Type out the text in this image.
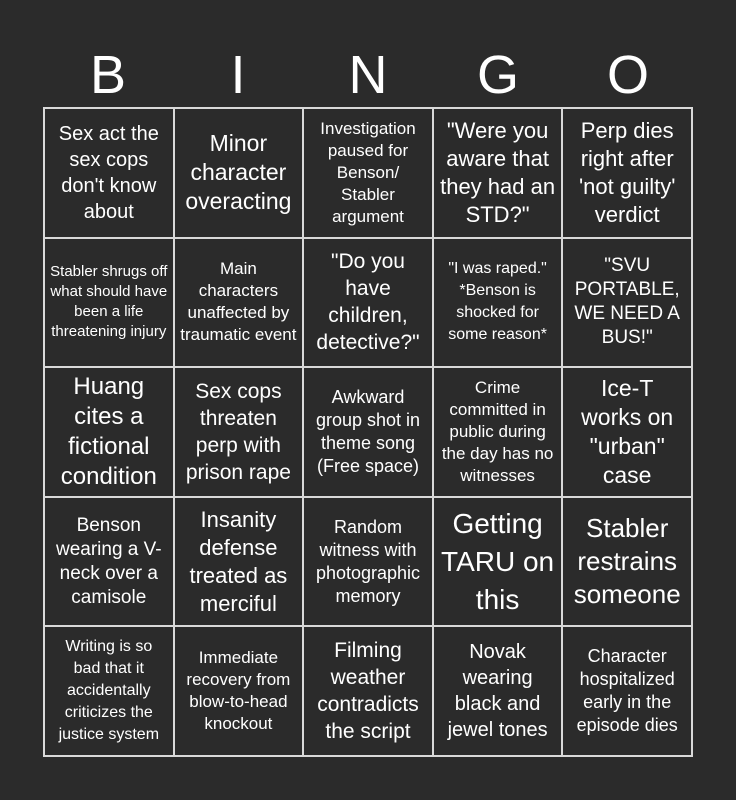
B	I	N	G	O
Sex act the sex cops don't know about
Minor character overacting
Investigation paused for Benson/ Stabler argument
"Were you aware that they had an STD?"
Perp dies right after 'not guilty' verdict
Stabler shrugs off what should have been a life threatening injury
Main characters unaffected by traumatic event
"Do you have children, detective?"
"I was raped." *Benson is shocked for some reason*
"SVU PORTABLE, WE NEED A BUS!"
Huang cites a fictional condition
Sex cops threaten perp with prison rape
Awkward group shot in theme song (Free space)
Crime committed in public during the day has no witnesses
Ice-T works on "urban" case
Benson wearing a V-neck over a camisole
Insanity defense treated as merciful
Random witness with photographic memory
Getting TARU on this
Stabler restrains someone
Writing is so bad that it accidentally criticizes the justice system
Immediate recovery from blow-to-head knockout
Filming weather contradicts the script
Novak wearing black and jewel tones
Character hospitalized early in the episode dies
